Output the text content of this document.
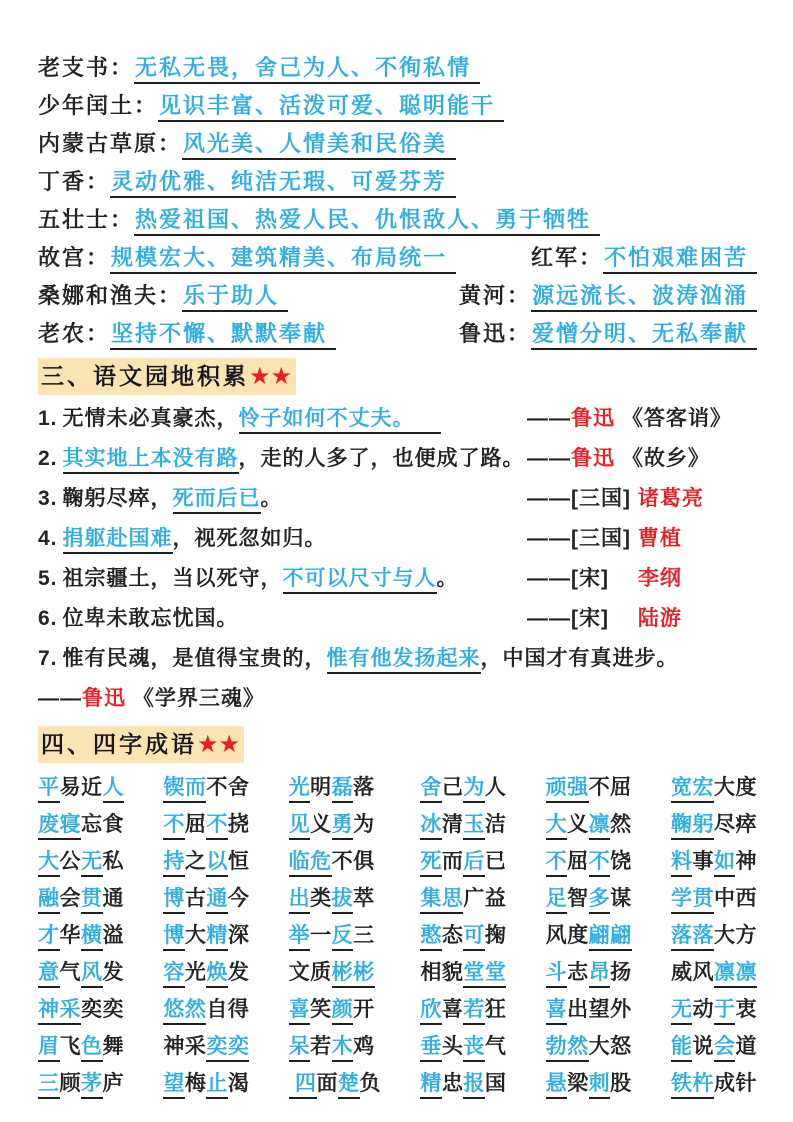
老支书：无私无畏，舍己为人、不徇私情
少年闰土：见识丰富、活泼可爱、聪明能干
内蒙古草原：风光美、人情美和民俗美
丁香：灵动优雅、纯洁无瑕、可爱芬芳
五壮士：热爱祖国、热爱人民、仇恨敌人、勇于牺牲
故宫：规模宏大、建筑精美、布局统一	红军：不怕艰难困苦
桑娜和渔夫：乐于助人	黄河：源远流长、波涛汹涌
老农：坚持不懈、默默奉献	鲁迅：爱憎分明、无私奉献
三、语文园地积累★★
1. 无情未必真豪杰，怜子如何不丈夫。	——鲁迅 《答客诮》
2. 其实地上本没有路，走的人多了，也便成了路。 ——鲁迅 《故乡》
3. 鞠躬尽瘁，死而后已。	——[三国] 诸葛亮
4. 捐躯赴国难，视死忽如归。	——[三国] 曹植
5. 祖宗疆土，当以死守，不可以尺寸与人。	——[宋]　 李纲
6. 位卑未敢忘忧国。	——[宋]　 陆游
7. 惟有民魂，是值得宝贵的，惟有他发扬起来，中国才有真进步。
——鲁迅 《学界三魂》
四、四字成语★★
平易近人 锲而不舍 光明磊落	舍己为人 顽强不屈 宽宏大度
废寝忘食 不屈不挠 见义勇为	冰清玉洁 大义凛然 鞠躬尽瘁
大公无私 持之以恒 临危不俱	死而后已 不屈不饶 料事如神
融会贯通 博古通今 出类拔萃	集思广益 足智多谋 学贯中西
才华横溢 博大精深 举一反三	憨态可掬 风度翩翩 落落大方
意气风发 容光焕发 文质彬彬	相貌堂堂 斗志昂扬 威风凛凛
神采奕奕 悠然自得 喜笑颜开	欣喜若狂 喜出望外 无动于衷
眉飞色舞 神采奕奕 呆若木鸡	垂头丧气 勃然大怒 能说会道
三顾茅庐 望梅止渴	四面楚负 精忠报国 悬梁刺股 铁杵成针
